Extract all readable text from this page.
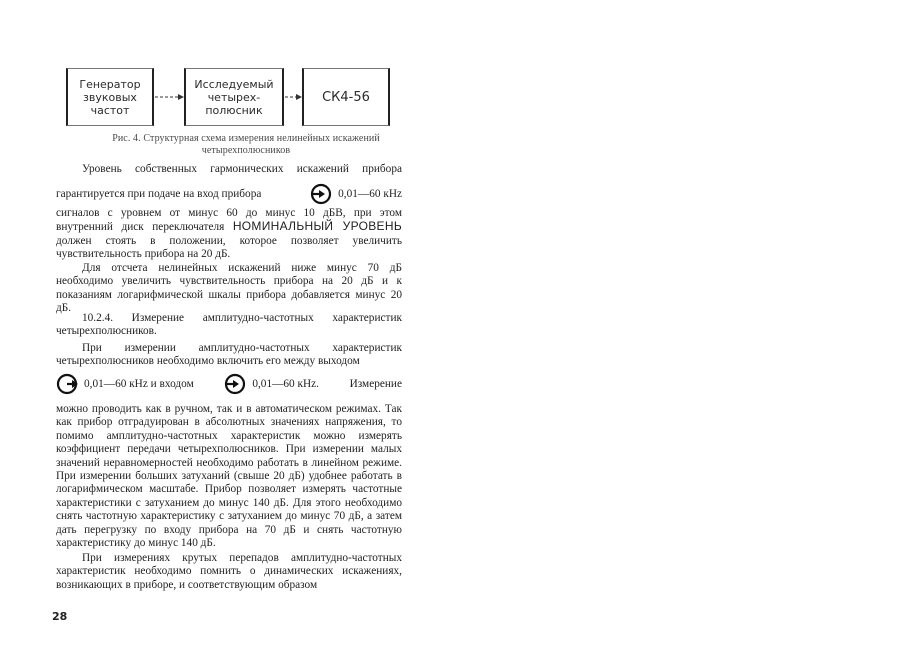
Генератор
звуковых
частот
Исследуемый
четырех-
полюсник
СК4-56
Рис. 4. Структурная схема измерения нелинейных искажений
четырехполюсников

Уровень собственных гармонических искажений прибора

гарантируется при подаче на вход прибора	0,01—60 кHz

сигналов с уровнем от минус 60 до минус 10 дБВ, при этом внутренний диск переключателя НОМИНАЛЬНЫЙ УРОВЕНЬ должен стоять в положении, которое позволяет увеличить чувствительность прибора на 20 дБ.

Для отсчета нелинейных искажений ниже минус 70 дБ необходимо увеличить чувствительность прибора на 20 дБ и к показаниям логарифмической шкалы прибора добавляется минус 20 дБ.

10.2.4. Измерение амплитудно-частотных характеристик

четырехполюсников.

При измерении амплитудно-частотных характеристик четырехполюсников необходимо включить его между выходом

0,01—60 кHz и входом	0,01—60 кHz.	Измерение

можно проводить как в ручном, так и в автоматическом режимах. Так как прибор отградуирован в абсолютных значениях напряжения, то помимо амплитудно-частотных характеристик можно измерять коэффициент передачи четырехполюсников. При измерении малых значений неравномерностей необходимо работать в линейном режиме. При измерении больших затуханий (свыше 20 дБ) удобнее работать в логарифмическом масштабе. Прибор позволяет измерять частотные характеристики с затуханием до минус 140 дБ. Для этого необходимо снять частотную характеристику с затуханием до минус 70 дБ, а затем дать перегрузку по входу прибора на 70 дБ и снять частотную характеристику до минус 140 дБ.

При измерениях крутых перепадов амплитудно-частотных характеристик необходимо помнить о динамических искажениях, возникающих в приборе, и соответствующим образом

28
